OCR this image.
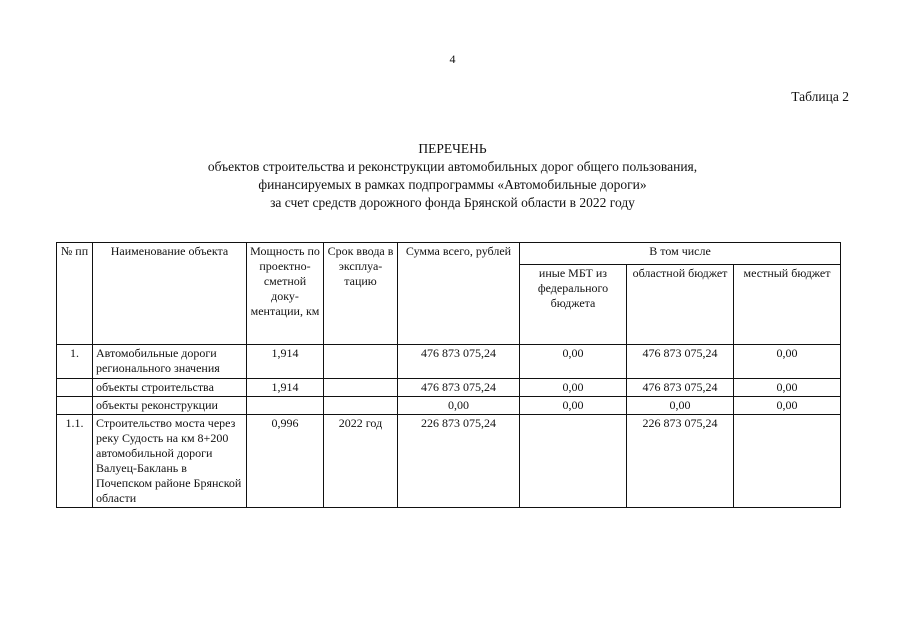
4
Таблица 2
ПЕРЕЧЕНЬ
объектов строительства и реконструкции автомобильных дорог общего пользования,
финансируемых в рамках подпрограммы «Автомобильные дороги»
за счет средств дорожного фонда Брянской области в 2022 году
№ пп	Наименование объекта	Мощность по проектно-сметной доку-ментации, км	Срок ввода в эксплуа-тацию	Сумма всего, рублей	В том числе		
					иные МБТ из федерального бюджета	областной бюджет	местный бюджет
1.	Автомобильные дороги регионального значения	1,914		476 873 075,24	0,00	476 873 075,24	0,00
	объекты строительства	1,914		476 873 075,24	0,00	476 873 075,24	0,00
	объекты реконструкции			0,00	0,00	0,00	0,00
1.1.	Строительство моста через реку Судость на км 8+200 автомобильной дороги Валуец-Баклань в Почепском районе Брянской области	0,996	2022 год	226 873 075,24		226 873 075,24	
